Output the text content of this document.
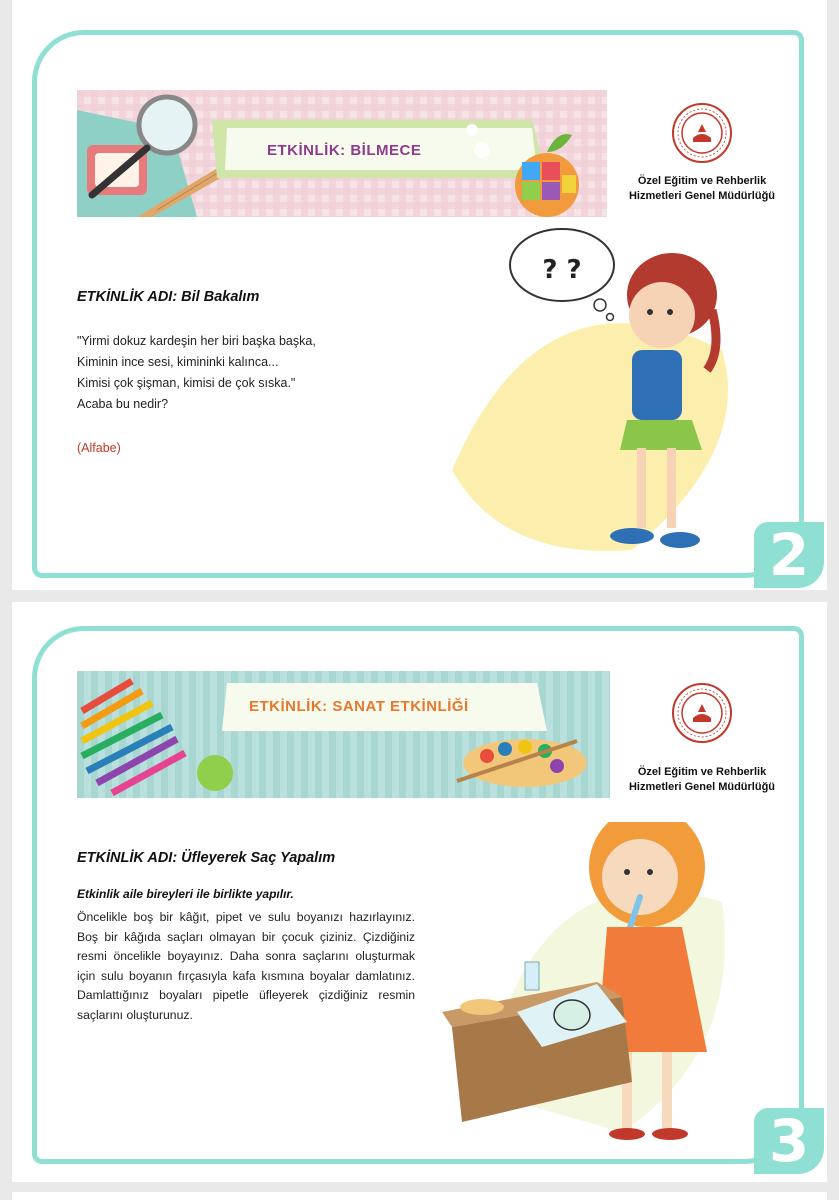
2
ETKİNLİK: BİLMECE
Özel Eğitim ve Rehberlik
Hizmetleri Genel Müdürlüğü
ETKİNLİK ADI: Bil Bakalım
"Yirmi dokuz kardeşin her biri başka başka,
Kiminin ince sesi, kimininki kalınca...
Kimisi çok şişman, kimisi de çok sıska."
Acaba bu nedir?
(Alfabe)
? ?
3
ETKİNLİK: SANAT ETKİNLİĞİ
Özel Eğitim ve Rehberlik
Hizmetleri Genel Müdürlüğü
ETKİNLİK ADI: Üfleyerek Saç Yapalım
Etkinlik aile bireyleri ile birlikte yapılır.
Öncelikle boş bir kâğıt, pipet ve sulu boyanızı hazırlayınız. Boş bir kâğıda saçları olmayan bir çocuk çiziniz. Çizdiğiniz resmi öncelikle boyayınız. Daha sonra saçlarını oluşturmak için sulu boyanın fırçasıyla kafa kısmına boyalar damlatınız. Damlattığınız boyaları pipetle üfleyerek çizdiğiniz resmin saçlarını oluşturunuz.
